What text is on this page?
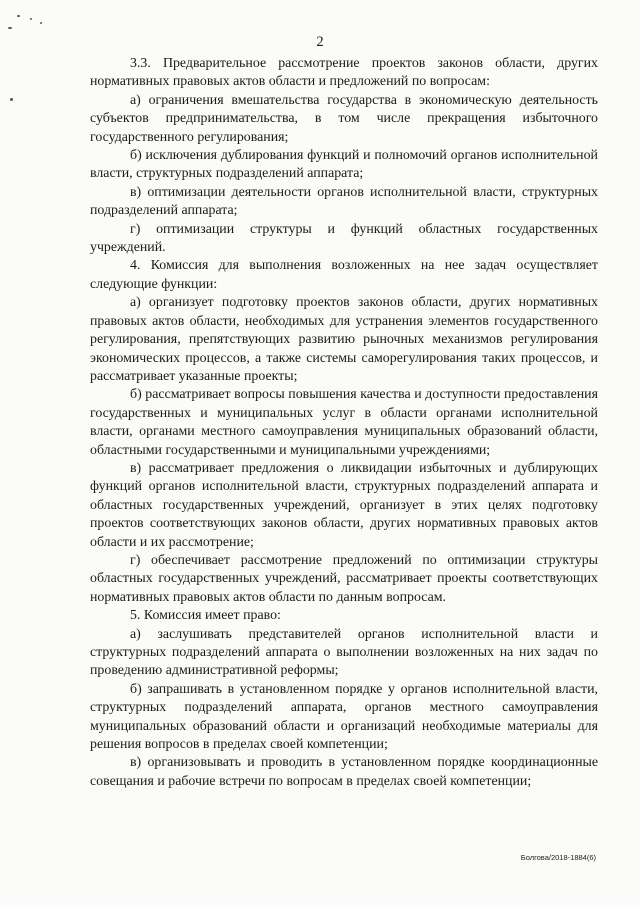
2

3.3. Предварительное рассмотрение проектов законов области, других нормативных правовых актов области и предложений по вопросам:

а) ограничения вмешательства государства в экономическую деятельность субъектов предпринимательства, в том числе прекращения избыточного государственного регулирования;

б) исключения дублирования функций и полномочий органов исполнительной власти, структурных подразделений аппарата;

в) оптимизации деятельности органов исполнительной власти, структурных подразделений аппарата;

г) оптимизации структуры и функций областных государственных учреждений.

4. Комиссия для выполнения возложенных на нее задач осуществляет следующие функции:

а) организует подготовку проектов законов области, других нормативных правовых актов области, необходимых для устранения элементов государственного регулирования, препятствующих развитию рыночных механизмов регулирования экономических процессов, а также системы саморегулирования таких процессов, и рассматривает указанные проекты;

б) рассматривает вопросы повышения качества и доступности предоставления государственных и муниципальных услуг в области органами исполнительной власти, органами местного самоуправления муниципальных образований области, областными государственными и муниципальными учреждениями;

в) рассматривает предложения о ликвидации избыточных и дублирующих функций органов исполнительной власти, структурных подразделений аппарата и областных государственных учреждений, организует в этих целях подготовку проектов соответствующих законов области, других нормативных правовых актов области и их рассмотрение;

г) обеспечивает рассмотрение предложений по оптимизации структуры областных государственных учреждений, рассматривает проекты соответствующих нормативных правовых актов области по данным вопросам.

5. Комиссия имеет право:

а) заслушивать представителей органов исполнительной власти и структурных подразделений аппарата о выполнении возложенных на них задач по проведению административной реформы;

б) запрашивать в установленном порядке у органов исполнительной власти, структурных подразделений аппарата, органов местного самоуправления муниципальных образований области и организаций необходимые материалы для решения вопросов в пределах своей компетенции;

в) организовывать и проводить в установленном порядке координационные совещания и рабочие встречи по вопросам в пределах своей компетенции;

Болгова/2018-1884(6)
